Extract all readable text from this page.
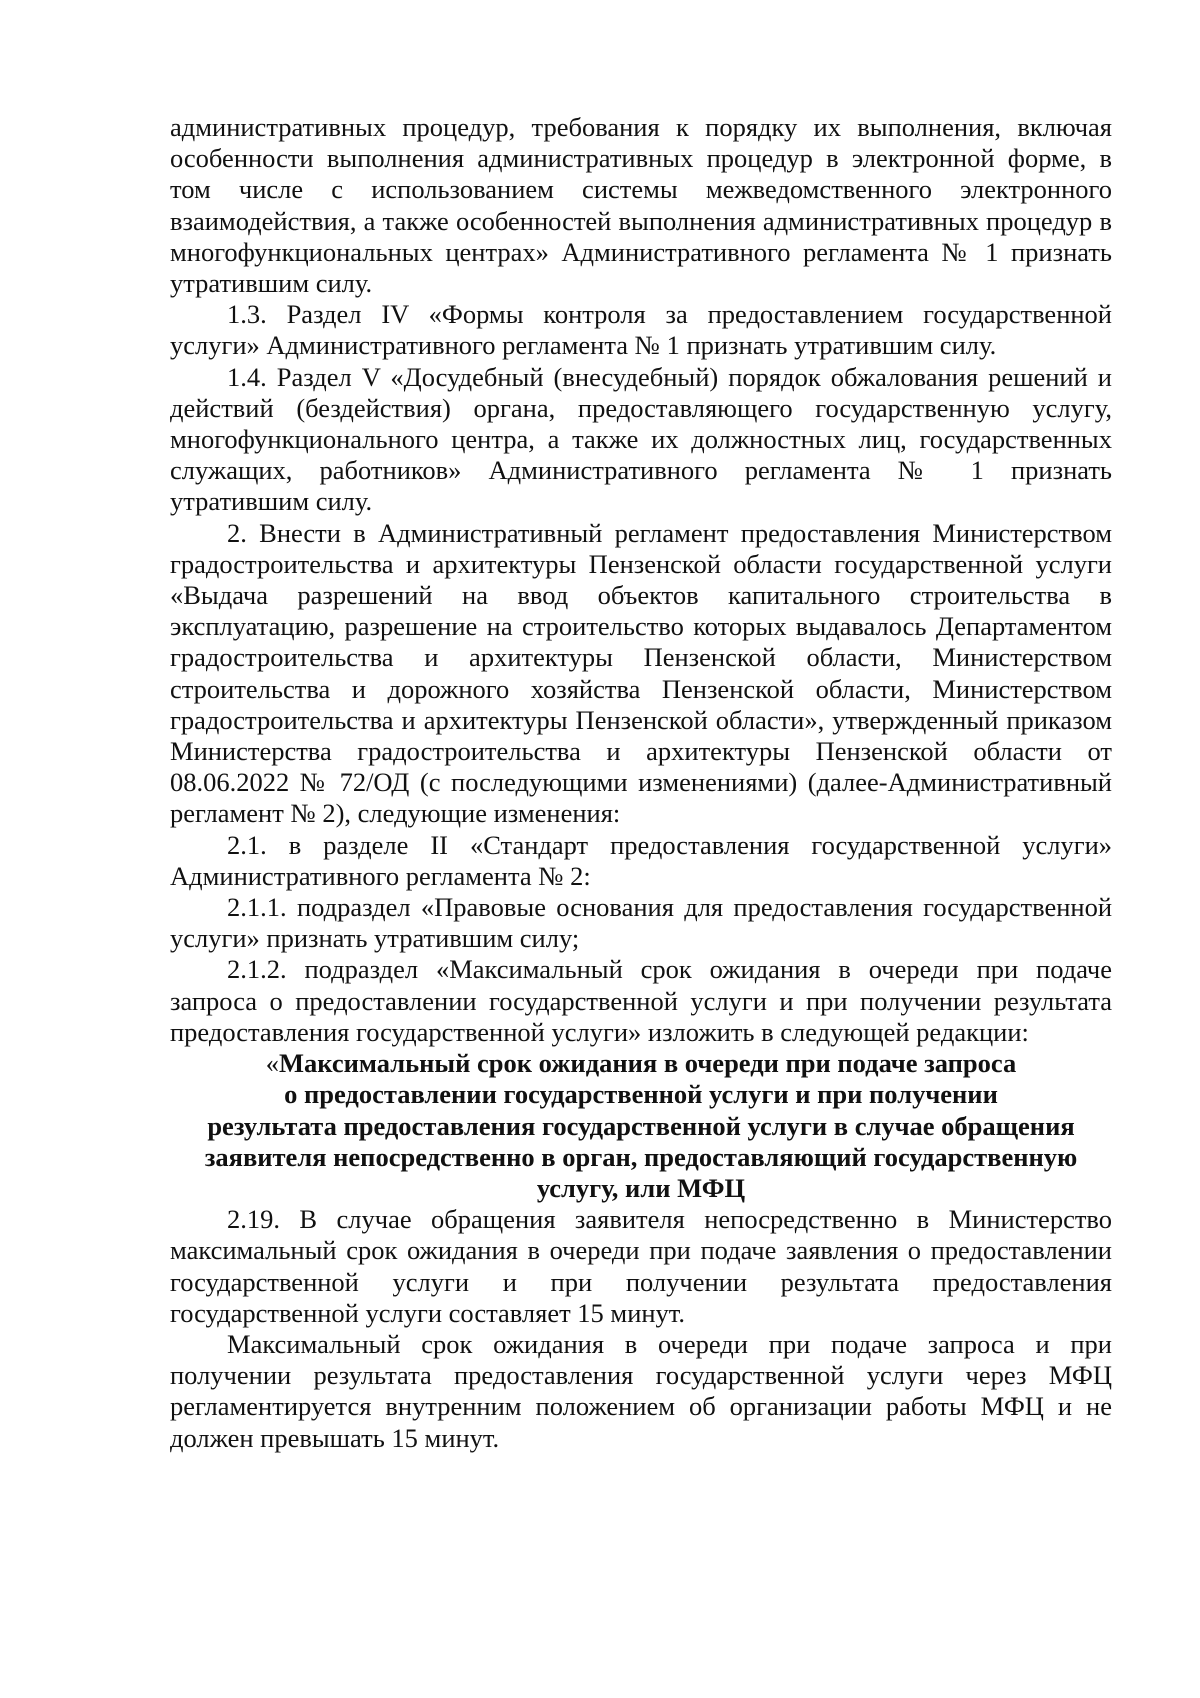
административных процедур, требования к порядку их выполнения, включая особенности выполнения административных процедур в электронной форме, в том числе с использованием системы межведомственного электронного взаимодействия, а также особенностей выполнения административных процедур в многофункциональных центрах» Административного регламента № 1 признать утратившим силу.

1.3. Раздел IV «Формы контроля за предоставлением государственной услуги» Административного регламента № 1 признать утратившим силу.

1.4. Раздел V «Досудебный (внесудебный) порядок обжалования решений и действий (бездействия) органа, предоставляющего государственную услугу, многофункционального центра, а также их должностных лиц, государственных служащих, работников» Административного регламента № 1 признать утратившим силу.

2. Внести в Административный регламент предоставления Министерством градостроительства и архитектуры Пензенской области государственной услуги «Выдача разрешений на ввод объектов капитального строительства в эксплуатацию, разрешение на строительство которых выдавалось Департаментом градостроительства и архитектуры Пензенской области, Министерством строительства и дорожного хозяйства Пензенской области, Министерством градостроительства и архитектуры Пензенской области», утвержденный приказом Министерства градостроительства и архитектуры Пензенской области от 08.06.2022 № 72/ОД (с последующими изменениями) (далее-Административный регламент № 2), следующие изменения:

2.1. в разделе II «Стандарт предоставления государственной услуги» Административного регламента № 2:

2.1.1. подраздел «Правовые основания для предоставления государственной услуги» признать утратившим силу;

2.1.2. подраздел «Максимальный срок ожидания в очереди при подаче запроса о предоставлении государственной услуги и при получении результата предоставления государственной услуги» изложить в следующей редакции:

«Максимальный срок ожидания в очереди при подаче запроса
о предоставлении государственной услуги и при получении
результата предоставления государственной услуги в случае обращения
заявителя непосредственно в орган, предоставляющий государственную
услугу, или МФЦ

2.19. В случае обращения заявителя непосредственно в Министерство максимальный срок ожидания в очереди при подаче заявления о предоставлении государственной услуги и при получении результата предоставления государственной услуги составляет 15 минут.

Максимальный срок ожидания в очереди при подаче запроса и при получении результата предоставления государственной услуги через МФЦ регламентируется внутренним положением об организации работы МФЦ и не должен превышать 15 минут.
